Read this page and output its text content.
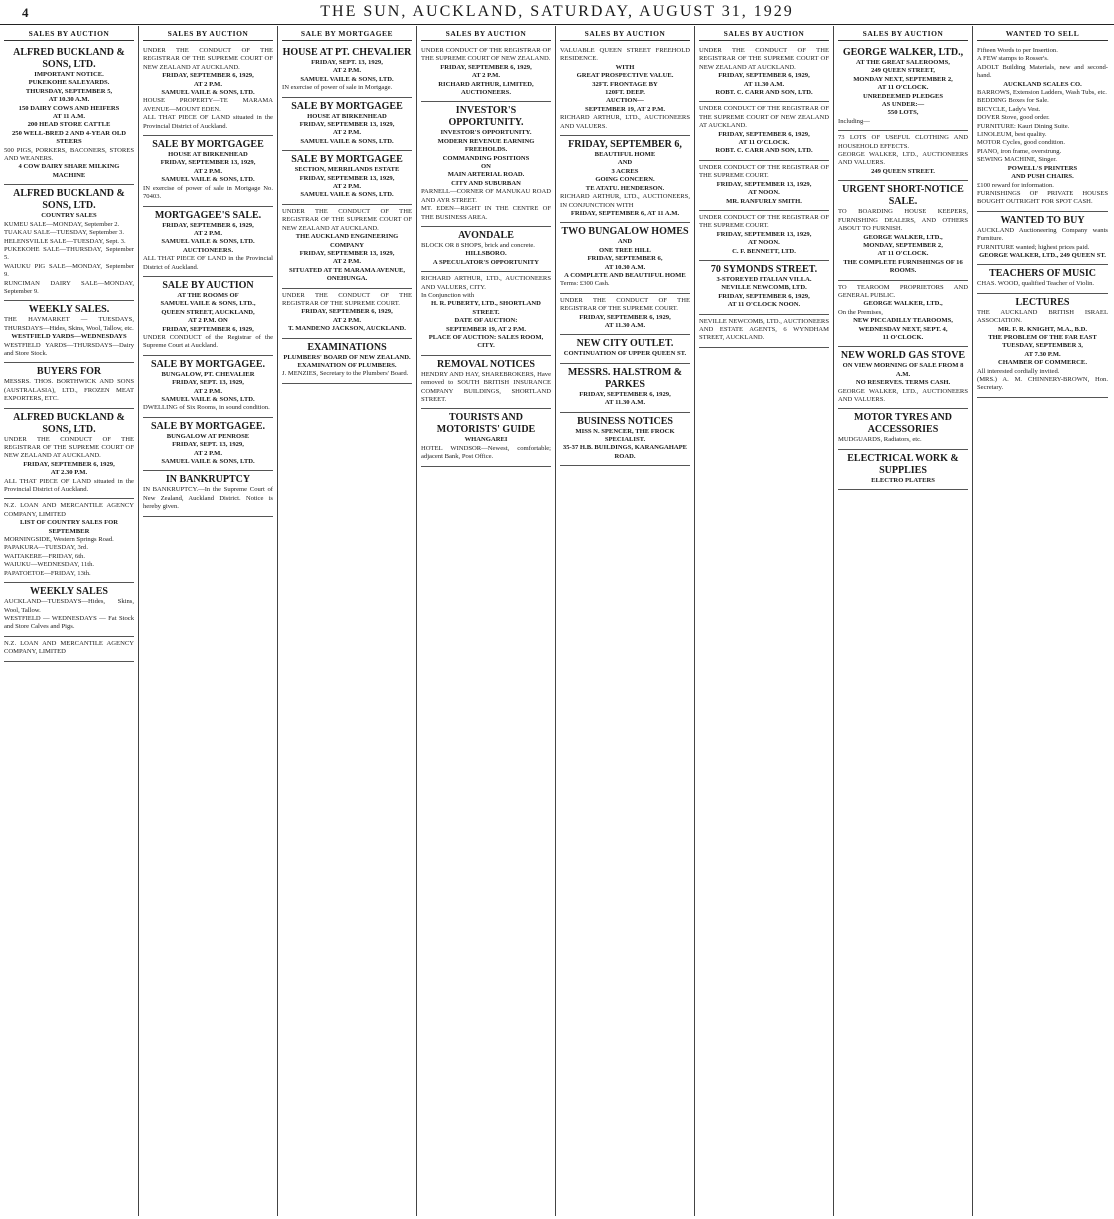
4	THE SUN, AUCKLAND, SATURDAY, AUGUST 31, 1929
SALES BY AUCTION

ALFRED BUCKLAND & SONS, LTD.

IMPORTANT NOTICE.

PUKEKOHE SALEYARDS.

THURSDAY, SEPTEMBER 5,

AT 10.30 A.M.

150 DAIRY COWS AND HEIFERS

AT 11 A.M.

200 HEAD STORE CATTLE

250 WELL-BRED 2 AND 4-YEAR OLD STEERS

500 PIGS, PORKERS, BACONERS, STORES AND WEANERS.

4 COW DAIRY SHARE MILKING MACHINE

ALFRED BUCKLAND & SONS, LTD.

COUNTRY SALES

KUMEU SALE—MONDAY, September 2.

TUAKAU SALE—TUESDAY, September 3.

HELENSVILLE SALE—TUESDAY, Sept. 3.

PUKEKOHE SALE—THURSDAY, September 5.

WAIUKU PIG SALE—MONDAY, September 9.

RUNCIMAN DAIRY SALE—MONDAY, September 9.

WEEKLY SALES.

THE HAYMARKET — TUESDAYS, THURSDAYS—Hides, Skins, Wool, Tallow, etc.

WESTFIELD YARDS—WEDNESDAYS

WESTFIELD YARDS—THURSDAYS—Dairy and Store Stock.

BUYERS FOR

MESSRS. THOS. BORTHWICK AND SONS (AUSTRALASIA), LTD., FROZEN MEAT EXPORTERS, ETC.

ALFRED BUCKLAND & SONS, LTD.

UNDER THE CONDUCT OF THE REGISTRAR OF THE SUPREME COURT OF NEW ZEALAND AT AUCKLAND.

FRIDAY, SEPTEMBER 6, 1929,

AT 2.30 P.M.

ALL THAT PIECE OF LAND situated in the Provincial District of Auckland.

N.Z. LOAN AND MERCANTILE AGENCY COMPANY, LIMITED

LIST OF COUNTRY SALES FOR SEPTEMBER

MORNINGSIDE, Western Springs Road.

PAPAKURA—TUESDAY, 3rd.

WAITAKERE—FRIDAY, 6th.

WAIUKU—WEDNESDAY, 11th.

PAPATOETOE—FRIDAY, 13th.

WEEKLY SALES

AUCKLAND—TUESDAYS—Hides, Skins, Wool, Tallow.

WESTFIELD — WEDNESDAYS — Fat Stock and Store Calves and Pigs.

N.Z. LOAN AND MERCANTILE AGENCY COMPANY, LIMITED

SALES BY AUCTION

UNDER THE CONDUCT OF THE REGISTRAR OF THE SUPREME COURT OF NEW ZEALAND AT AUCKLAND.

FRIDAY, SEPTEMBER 6, 1929,

AT 2 P.M.

SAMUEL VAILE & SONS, LTD.

HOUSE PROPERTY—TE MARAMA AVENUE—MOUNT EDEN.

ALL THAT PIECE OF LAND situated in the Provincial District of Auckland.

SALE BY MORTGAGEE

HOUSE AT BIRKENHEAD

FRIDAY, SEPTEMBER 13, 1929,

AT 2 P.M.

SAMUEL VAILE & SONS, LTD.

IN exercise of power of sale in Mortgage No. 70403.

MORTGAGEE'S SALE.

FRIDAY, SEPTEMBER 6, 1929,

AT 2 P.M.

SAMUEL VAILE & SONS, LTD.

AUCTIONEERS.

ALL THAT PIECE OF LAND in the Provincial District of Auckland.

SALE BY AUCTION

AT THE ROOMS OF

SAMUEL VAILE & SONS, LTD.,

QUEEN STREET, AUCKLAND,

AT 2 P.M. ON

FRIDAY, SEPTEMBER 6, 1929,

UNDER CONDUCT of the Registrar of the Supreme Court at Auckland.

SALE BY MORTGAGEE.

BUNGALOW, PT. CHEVALIER

FRIDAY, SEPT. 13, 1929,

AT 2 P.M.

SAMUEL VAILE & SONS, LTD.

DWELLING of Six Rooms, in sound condition.

SALE BY MORTGAGEE.

BUNGALOW AT PENROSE

FRIDAY, SEPT. 13, 1929,

AT 2 P.M.

SAMUEL VAILE & SONS, LTD.

IN BANKRUPTCY

IN BANKRUPTCY.—In the Supreme Court of New Zealand, Auckland District. Notice is hereby given.

SALE BY MORTGAGEE

HOUSE AT PT. CHEVALIER

FRIDAY, SEPT. 13, 1929,

AT 2 P.M.

SAMUEL VAILE & SONS, LTD.

IN exercise of power of sale in Mortgage.

SALE BY MORTGAGEE

HOUSE AT BIRKENHEAD

FRIDAY, SEPTEMBER 13, 1929,

AT 2 P.M.

SAMUEL VAILE & SONS, LTD.

SALE BY MORTGAGEE

SECTION, MERRILANDS ESTATE

FRIDAY, SEPTEMBER 13, 1929,

AT 2 P.M.

SAMUEL VAILE & SONS, LTD.

UNDER THE CONDUCT OF THE REGISTRAR OF THE SUPREME COURT OF NEW ZEALAND AT AUCKLAND.

THE AUCKLAND ENGINEERING COMPANY

FRIDAY, SEPTEMBER 13, 1929,

AT 2 P.M.

SITUATED AT TE MARAMA AVENUE, ONEHUNGA.

UNDER THE CONDUCT OF THE REGISTRAR OF THE SUPREME COURT.

FRIDAY, SEPTEMBER 6, 1929,

AT 2 P.M.

T. MANDENO JACKSON, AUCKLAND.

EXAMINATIONS

PLUMBERS' BOARD OF NEW ZEALAND.

EXAMINATION OF PLUMBERS.

J. MENZIES, Secretary to the Plumbers' Board.

SALES BY AUCTION

UNDER CONDUCT OF THE REGISTRAR OF THE SUPREME COURT OF NEW ZEALAND.

FRIDAY, SEPTEMBER 6, 1929,

AT 2 P.M.

RICHARD ARTHUR, LIMITED, AUCTIONEERS.

INVESTOR'S OPPORTUNITY.

INVESTOR'S OPPORTUNITY.

MODERN REVENUE EARNING FREEHOLDS.

COMMANDING POSITIONS

ON

MAIN ARTERIAL ROAD.

CITY AND SUBURBAN

PARNELL—CORNER OF MANUKAU ROAD AND AYR STREET.

MT. EDEN—RIGHT IN THE CENTRE OF THE BUSINESS AREA.

AVONDALE

BLOCK OR 8 SHOPS, brick and concrete.

HILLSBORO.

A SPECULATOR'S OPPORTUNITY

RICHARD ARTHUR, LTD., AUCTIONEERS AND VALUERS, CITY.

In Conjunction with

H. R. PUBERTY, LTD., SHORTLAND STREET.

DATE OF AUCTION:

SEPTEMBER 19, AT 2 P.M.

PLACE OF AUCTION: SALES ROOM, CITY.

REMOVAL NOTICES

HENDRY AND HAY, SHAREBROKERS, Have removed to SOUTH BRITISH INSURANCE COMPANY BUILDINGS, SHORTLAND STREET.

TOURISTS AND MOTORISTS' GUIDE

WHANGAREI

HOTEL WINDSOR—Newest, comfortable; adjacent Bank, Post Office.

SALES BY AUCTION

VALUABLE QUEEN STREET FREEHOLD RESIDENCE.

WITH

GREAT PROSPECTIVE VALUE.

32FT. FRONTAGE BY

120FT. DEEP.

AUCTION—

SEPTEMBER 19, AT 2 P.M.

RICHARD ARTHUR, LTD., AUCTIONEERS AND VALUERS.

FRIDAY, SEPTEMBER 6,

BEAUTIFUL HOME

AND

3 ACRES

GOING CONCERN.

TE ATATU. HENDERSON.

RICHARD ARTHUR, LTD., AUCTIONEERS, IN CONJUNCTION WITH

FRIDAY, SEPTEMBER 6, AT 11 A.M.

TWO BUNGALOW HOMES

AND

ONE TREE HILL

FRIDAY, SEPTEMBER 6,

AT 10.30 A.M.

A COMPLETE AND BEAUTIFUL HOME

Terms: £300 Cash.

UNDER THE CONDUCT OF THE REGISTRAR OF THE SUPREME COURT.

FRIDAY, SEPTEMBER 6, 1929,

AT 11.30 A.M.

NEW CITY OUTLET.

CONTINUATION OF UPPER QUEEN ST.

MESSRS. HALSTROM & PARKES

FRIDAY, SEPTEMBER 6, 1929,

AT 11.30 A.M.

BUSINESS NOTICES

MISS N. SPENCER, THE FROCK SPECIALIST.

35-37 H.B. BUILDINGS, KARANGAHAPE ROAD.

SALES BY AUCTION

UNDER THE CONDUCT OF THE REGISTRAR OF THE SUPREME COURT OF NEW ZEALAND AT AUCKLAND.

FRIDAY, SEPTEMBER 6, 1929,

AT 11.30 A.M.

ROBT. C. CARR AND SON, LTD.

UNDER CONDUCT OF THE REGISTRAR OF THE SUPREME COURT OF NEW ZEALAND AT AUCKLAND.

FRIDAY, SEPTEMBER 6, 1929,

AT 11 O'CLOCK.

ROBT. C. CARR AND SON, LTD.

UNDER CONDUCT OF THE REGISTRAR OF THE SUPREME COURT.

FRIDAY, SEPTEMBER 13, 1929,

AT NOON.

MR. RANFURLY SMITH.

UNDER CONDUCT OF THE REGISTRAR OF THE SUPREME COURT.

FRIDAY, SEPTEMBER 13, 1929,

AT NOON.

C. F. BENNETT, LTD.

70 SYMONDS STREET.

3-STOREYED ITALIAN VILLA.

NEVILLE NEWCOMB, LTD.

FRIDAY, SEPTEMBER 6, 1929,

AT 11 O'CLOCK NOON.

NEVILLE NEWCOMB, LTD., AUCTIONEERS AND ESTATE AGENTS, 6 WYNDHAM STREET, AUCKLAND.

SALES BY AUCTION

GEORGE WALKER, LTD.,

AT THE GREAT SALEROOMS,

249 QUEEN STREET,

MONDAY NEXT, SEPTEMBER 2,

AT 11 O'CLOCK.

UNREDEEMED PLEDGES

AS UNDER:—

550 LOTS,

Including—

73 LOTS OF USEFUL CLOTHING AND HOUSEHOLD EFFECTS.

GEORGE WALKER, LTD., AUCTIONEERS AND VALUERS.

249 QUEEN STREET.

URGENT SHORT-NOTICE SALE.

TO BOARDING HOUSE KEEPERS, FURNISHING DEALERS, AND OTHERS ABOUT TO FURNISH.

GEORGE WALKER, LTD.,

MONDAY, SEPTEMBER 2,

AT 11 O'CLOCK.

THE COMPLETE FURNISHINGS OF 16 ROOMS.

TO TEAROOM PROPRIETORS AND GENERAL PUBLIC.

GEORGE WALKER, LTD.,

On the Premises,

NEW PICCADILLY TEAROOMS,

WEDNESDAY NEXT, SEPT. 4,

11 O'CLOCK.

NEW WORLD GAS STOVE

ON VIEW MORNING OF SALE FROM 8 A.M.

NO RESERVES. TERMS CASH.

GEORGE WALKER, LTD., AUCTIONEERS AND VALUERS.

MOTOR TYRES AND ACCESSORIES

MUDGUARDS, Radiators, etc.

ELECTRICAL WORK & SUPPLIES

ELECTRO PLATERS

WANTED TO SELL

Fifteen Words to per Insertion.

A FEW stamps to Rosser's.

ADOLT Building Materials, new and second-hand.

AUCKLAND SCALES CO.

BARROWS, Extension Ladders, Wash Tubs, etc.

BEDDING Boxes for Sale.

BICYCLE, Lady's Vest.

DOVER Stove, good order.

FURNITURE: Kauri Dining Suite.

LINOLEUM, best quality.

MOTOR Cycles, good condition.

PIANO, iron frame, overstrung.

SEWING MACHINE, Singer.

POWELL'S PRINTERS

AND PUSH CHAIRS.

£100 reward for information.

FURNISHINGS OF PRIVATE HOUSES BOUGHT OUTRIGHT FOR SPOT CASH.

WANTED TO BUY

AUCKLAND Auctioneering Company wants Furniture.

FURNITURE wanted; highest prices paid.

GEORGE WALKER, LTD., 249 QUEEN ST.

TEACHERS OF MUSIC

CHAS. WOOD, qualified Teacher of Violin.

LECTURES

THE AUCKLAND BRITISH ISRAEL ASSOCIATION.

MR. F. R. KNIGHT, M.A., B.D.

THE PROBLEM OF THE FAR EAST

TUESDAY, SEPTEMBER 3,

AT 7.30 P.M.

CHAMBER OF COMMERCE.

All interested cordially invited.

(MRS.) A. M. CHINNERY-BROWN, Hon. Secretary.
